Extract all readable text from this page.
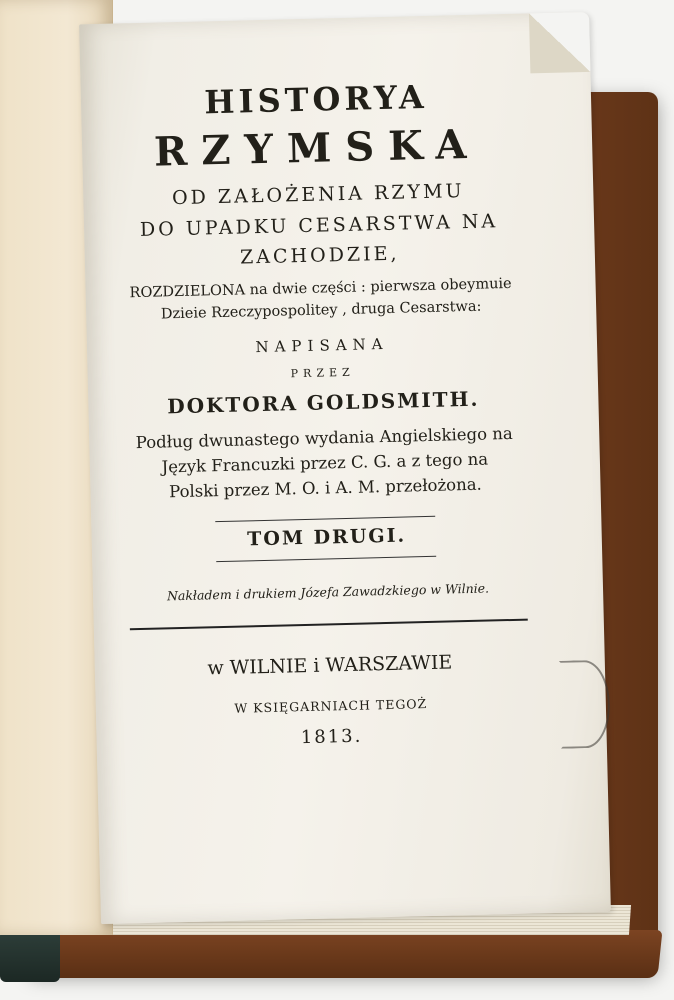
HISTORYA
RZYMSKA
OD ZAŁOŻENIA RZYMU
DO UPADKU CESARSTWA NA
ZACHODZIE,
ROZDZIELONA na dwie części : pierwsza obeymuie
Dzieie Rzeczypospolitey , druga Cesarstwa:
NAPISANA
PRZEZ
DOKTORA GOLDSMITH.
Podług dwunastego wydania Angielskiego na
Język Francuzki przez C. G. a z tego na
Polski przez M. O. i A. M. przełożona.
TOM DRUGI.
Nakładem i drukiem Józefa Zawadzkiego w Wilnie.
w WILNIE i WARSZAWIE
W KSIĘGARNIACH TEGOŻ
1813.
